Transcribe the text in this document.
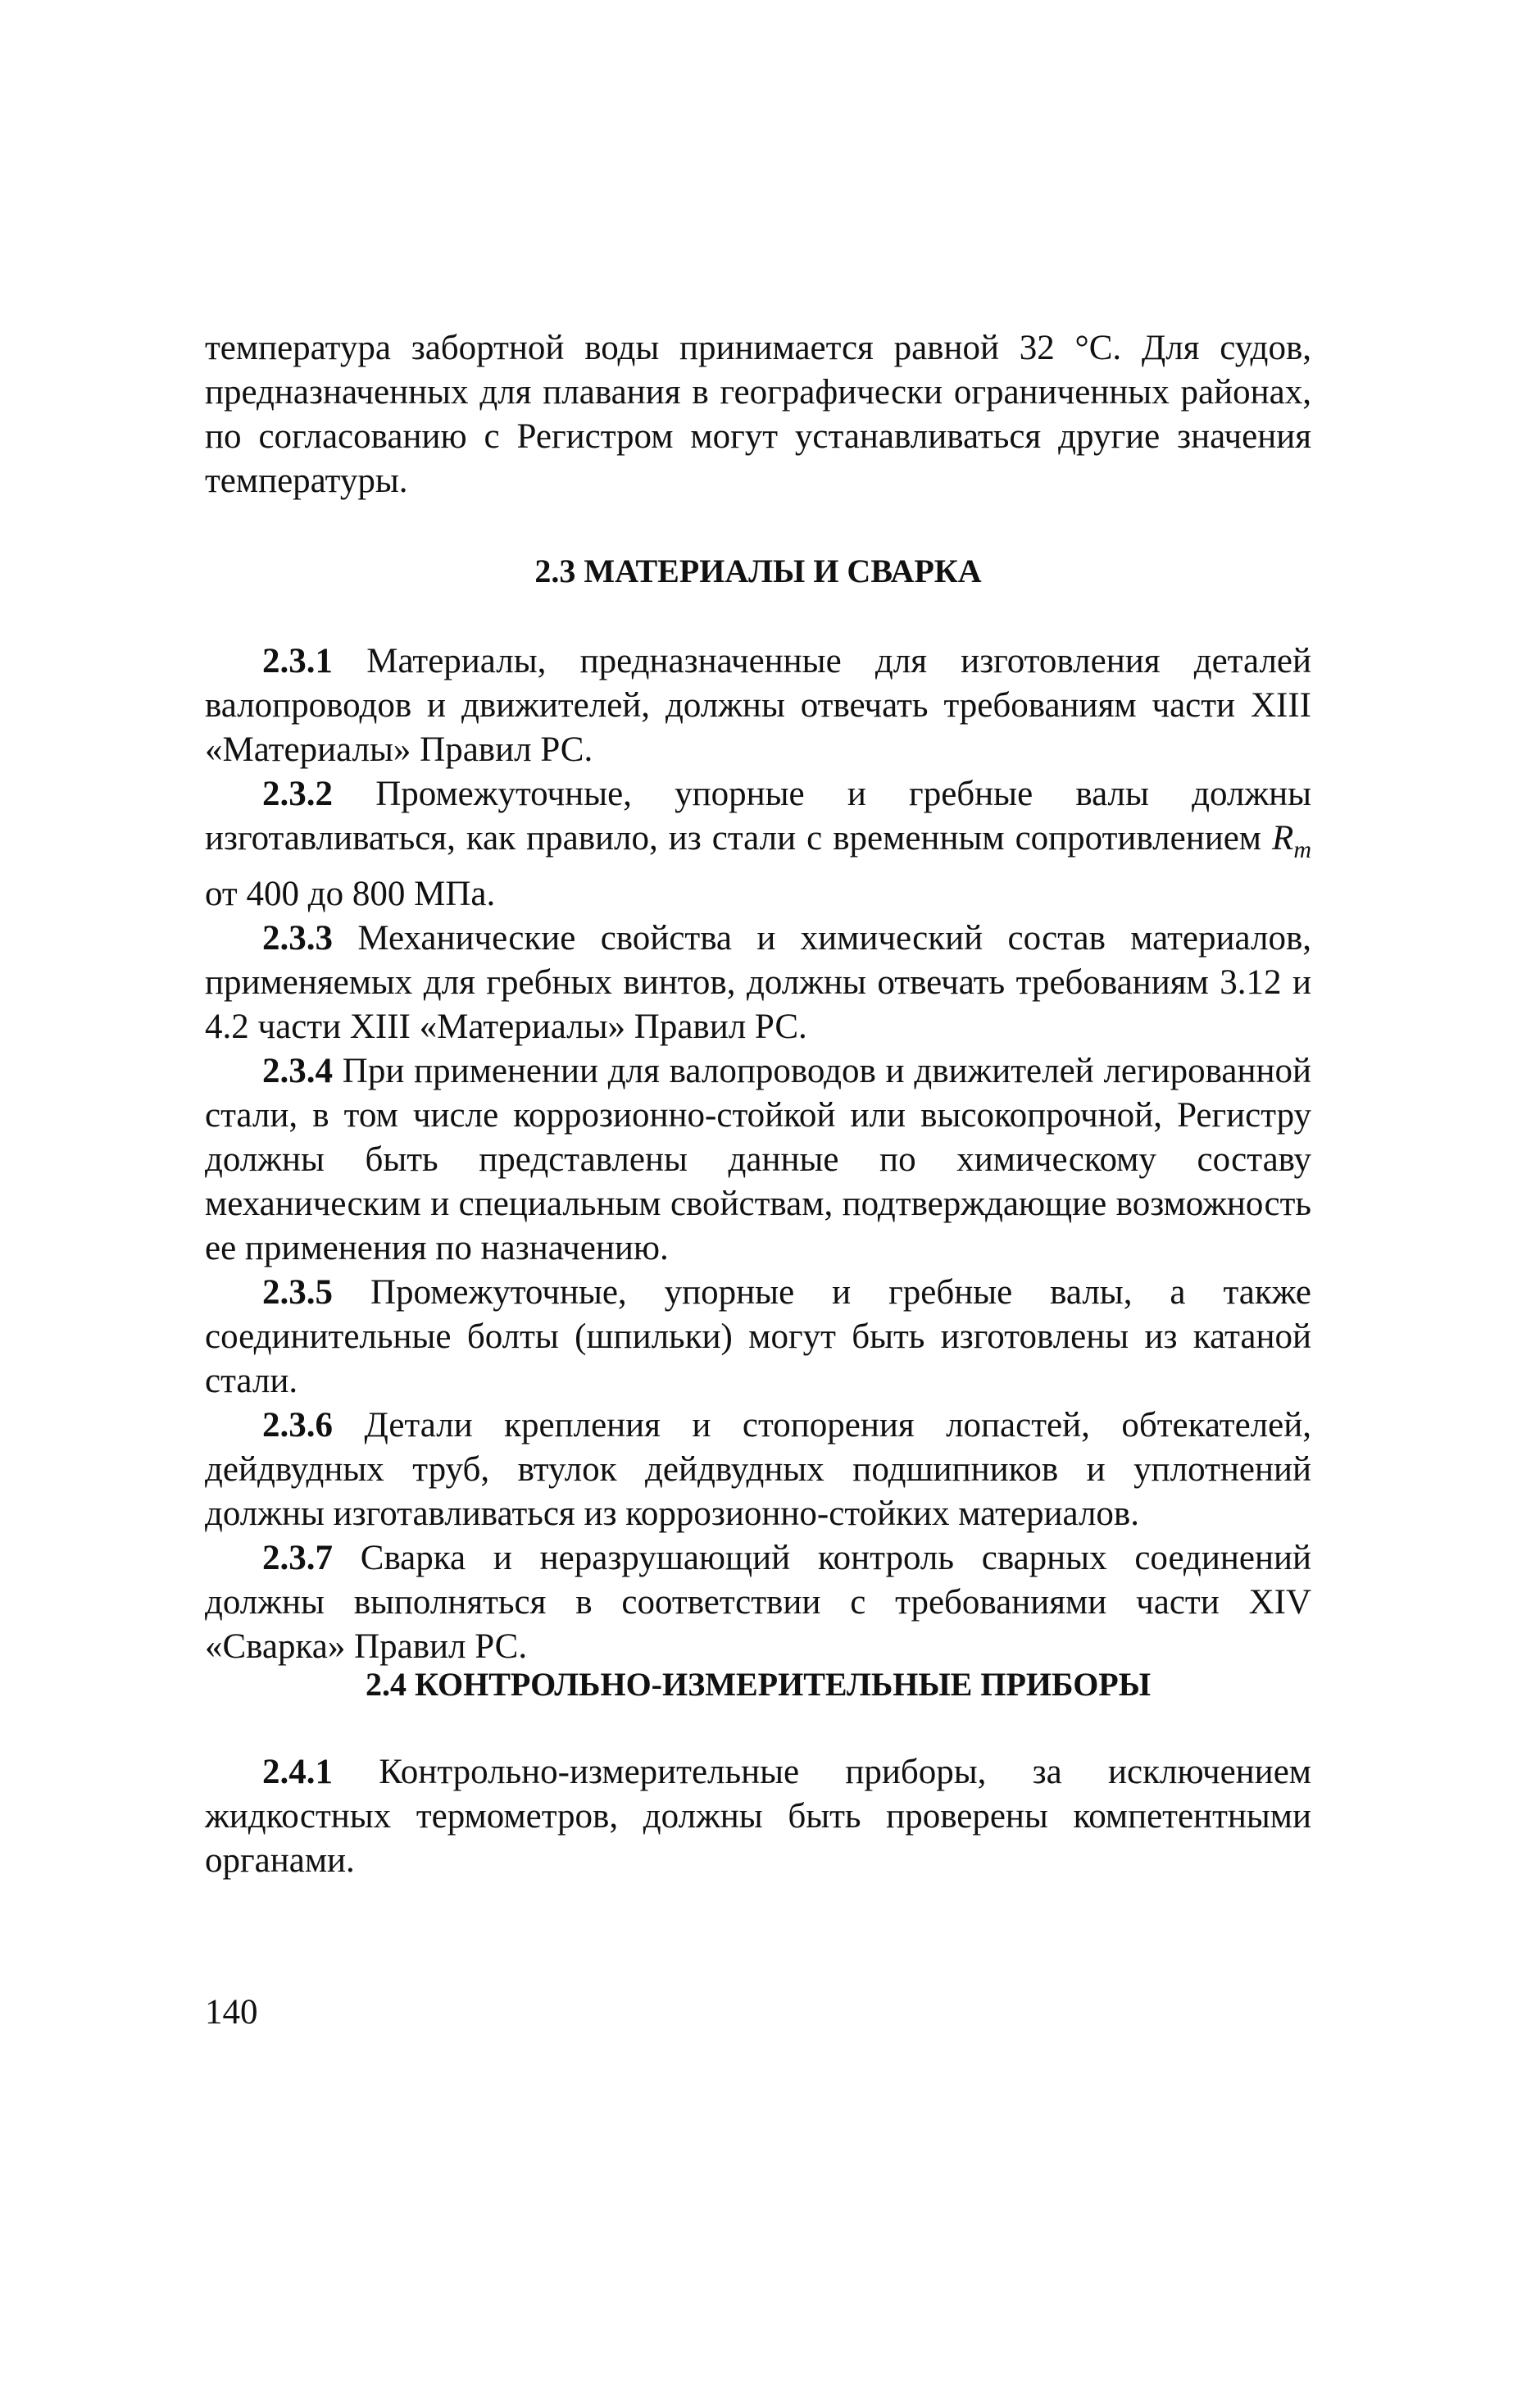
температура забортной воды принимается равной 32 °С. Для судов, предназначенных для плавания в географически ограниченных районах, по согласованию с Регистром могут устанавливаться другие значения температуры.

2.3 МАТЕРИАЛЫ И СВАРКА

2.3.1 Материалы, предназначенные для изготовления деталей валопроводов и движителей, должны отвечать требованиям части XIII «Материалы» Правил РС.

2.3.2 Промежуточные, упорные и гребные валы должны изготавливаться, как правило, из стали с временным сопротивлением $R_m$ от 400 до 800 МПа.

2.3.3 Механические свойства и химический состав материалов, применяемых для гребных винтов, должны отвечать требованиям 3.12 и 4.2 части XIII «Материалы» Правил РС.

2.3.4 При применении для валопроводов и движителей легированной стали, в том числе коррозионно-стойкой или высокопрочной, Регистру должны быть представлены данные по химическому составу механическим и специальным свойствам, подтверждающие возможность ее применения по назначению.

2.3.5 Промежуточные, упорные и гребные валы, а также соединительные болты (шпильки) могут быть изготовлены из катаной стали.

2.3.6 Детали крепления и стопорения лопастей, обтекателей, дейдвудных труб, втулок дейдвудных подшипников и уплотнений должны изготавливаться из коррозионно-стойких материалов.

2.3.7 Сварка и неразрушающий контроль сварных соединений должны выполняться в соответствии с требованиями части XIV «Сварка» Правил РС.

2.4 КОНТРОЛЬНО-ИЗМЕРИТЕЛЬНЫЕ ПРИБОРЫ

2.4.1 Контрольно-измерительные приборы, за исключением жидкостных термометров, должны быть проверены компетентными органами.

140
